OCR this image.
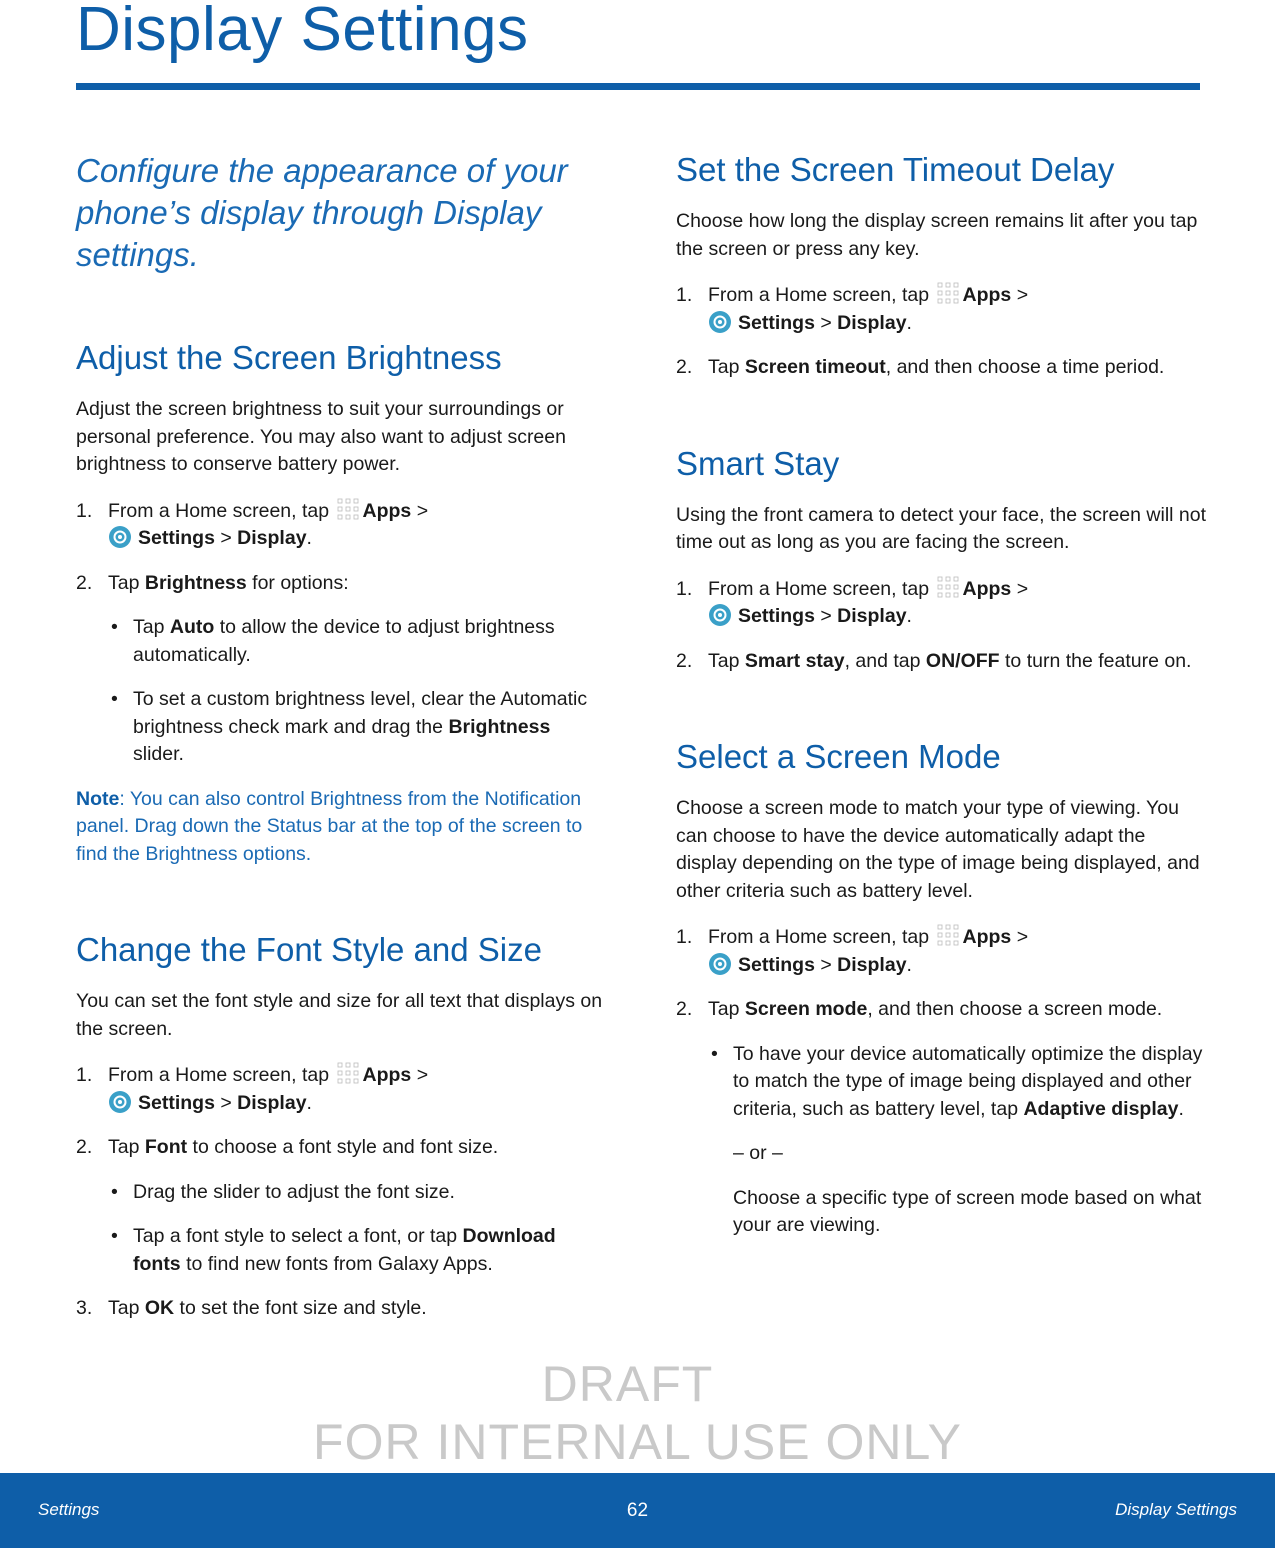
Display Settings

Configure the appearance of your phone’s display through Display settings.

Adjust the Screen Brightness

Adjust the screen brightness to suit your surroundings or personal preference. You may also want to adjust screen brightness to conserve battery power.

1. From a Home screen, tap Apps >
Settings > Display.
2. Tap Brightness for options:
• Tap Auto to allow the device to adjust brightness automatically.
• To set a custom brightness level, clear the Automatic brightness check mark and drag the Brightness slider.

Note: You can also control Brightness from the Notification panel. Drag down the Status bar at the top of the screen to find the Brightness options.

Change the Font Style and Size

You can set the font style and size for all text that displays on the screen.

1. From a Home screen, tap Apps >
Settings > Display.
2. Tap Font to choose a font style and font size.
• Drag the slider to adjust the font size.
• Tap a font style to select a font, or tap Download fonts to find new fonts from Galaxy Apps.
3. Tap OK to set the font size and style.
Set the Screen Timeout Delay

Choose how long the display screen remains lit after you tap the screen or press any key.

1. From a Home screen, tap Apps >
Settings > Display.
2. Tap Screen timeout, and then choose a time period.
Smart Stay

Using the front camera to detect your face, the screen will not time out as long as you are facing the screen.

1. From a Home screen, tap Apps >
Settings > Display.
2. Tap Smart stay, and tap ON/OFF to turn the feature on.
Select a Screen Mode

Choose a screen mode to match your type of viewing. You can choose to have the device automatically adapt the display depending on the type of image being displayed, and other criteria such as battery level.

1. From a Home screen, tap Apps >
Settings > Display.
2. Tap Screen mode, and then choose a screen mode.
• To have your device automatically optimize the display to match the type of image being displayed and other criteria, such as battery level, tap Adaptive display.
– or –
Choose a specific type of screen mode based on what your are viewing.
DRAFT
FOR INTERNAL USE ONLY
Settings	62	Display Settings
